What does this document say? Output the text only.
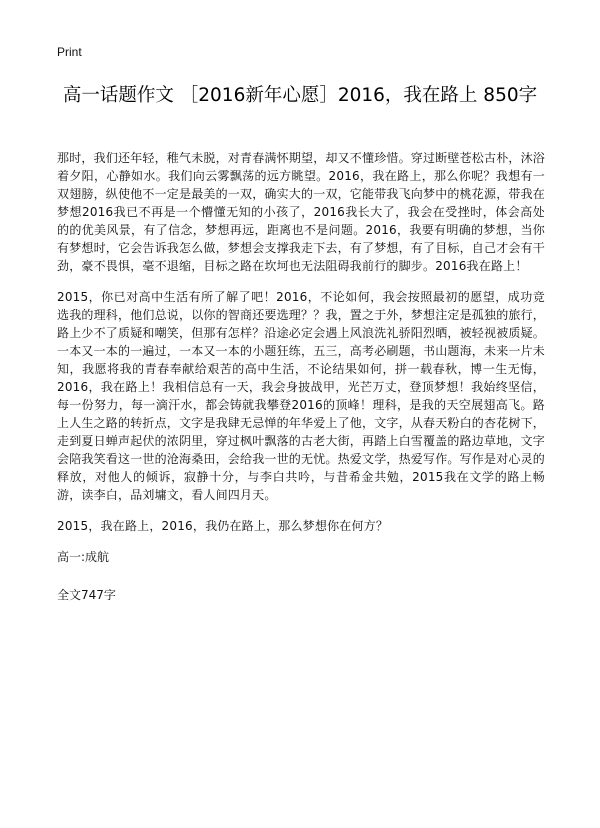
Print
高一话题作文 ［2016新年心愿］2016，我在路上 850字

那时，我们还年轻，稚气未脱，对青春满怀期望，却又不懂珍惜。穿过断壁苍松古朴，沐浴着夕阳，心静如水。我们向云雾飘荡的远方眺望。2016，我在路上，那么你呢？我想有一双翅膀，纵使他不一定是最美的一双，确实大的一双，它能带我飞向梦中的桃花源，带我在梦想2016我已不再是一个懵懂无知的小孩了，2016我长大了，我会在受挫时，体会高处的的优美风景，有了信念，梦想再远，距离也不是问题。2016，我要有明确的梦想，当你有梦想时，它会告诉我怎么做，梦想会支撑我走下去，有了梦想，有了目标，自己才会有干劲，豪不畏惧，毫不退缩，目标之路在坎坷也无法阻碍我前行的脚步。2016我在路上！

2015，你已对高中生活有所了解了吧！2016，不论如何，我会按照最初的愿望，成功竞选我的理科，他们总说，以你的智商还要选理？？我，置之于外，梦想注定是孤独的旅行，路上少不了质疑和嘲笑，但那有怎样？沿途必定会遇上风浪洗礼骄阳烈晒，被轻视被质疑。一本又一本的一遍过，一本又一本的小题狂练，五三，高考必刷题，书山题海，未来一片未知，我愿将我的青春奉献给艰苦的高中生活，不论结果如何，拼一载春秋，博一生无悔，2016，我在路上！我相信总有一天，我会身披战甲，光芒万丈，登顶梦想！我始终坚信，每一份努力，每一滴汗水，都会铸就我攀登2016的顶峰！理科，是我的天空展翅高飞。路上人生之路的转折点，文字是我肆无忌惮的年华爱上了他，文字，从春天粉白的杏花树下，走到夏日蝉声起伏的浓阴里，穿过枫叶飘落的古老大街，再踏上白雪覆盖的路边草地，文字会陪我笑看这一世的沧海桑田，会给我一世的无忧。热爱文学，热爱写作。写作是对心灵的释放，对他人的倾诉，寂静十分，与李白共吟，与昔希金共勉，2015我在文学的路上畅游，读李白，品刘墉文，看人间四月天。

2015，我在路上，2016，我仍在路上，那么梦想你在何方？

高一:成航

全文747字
